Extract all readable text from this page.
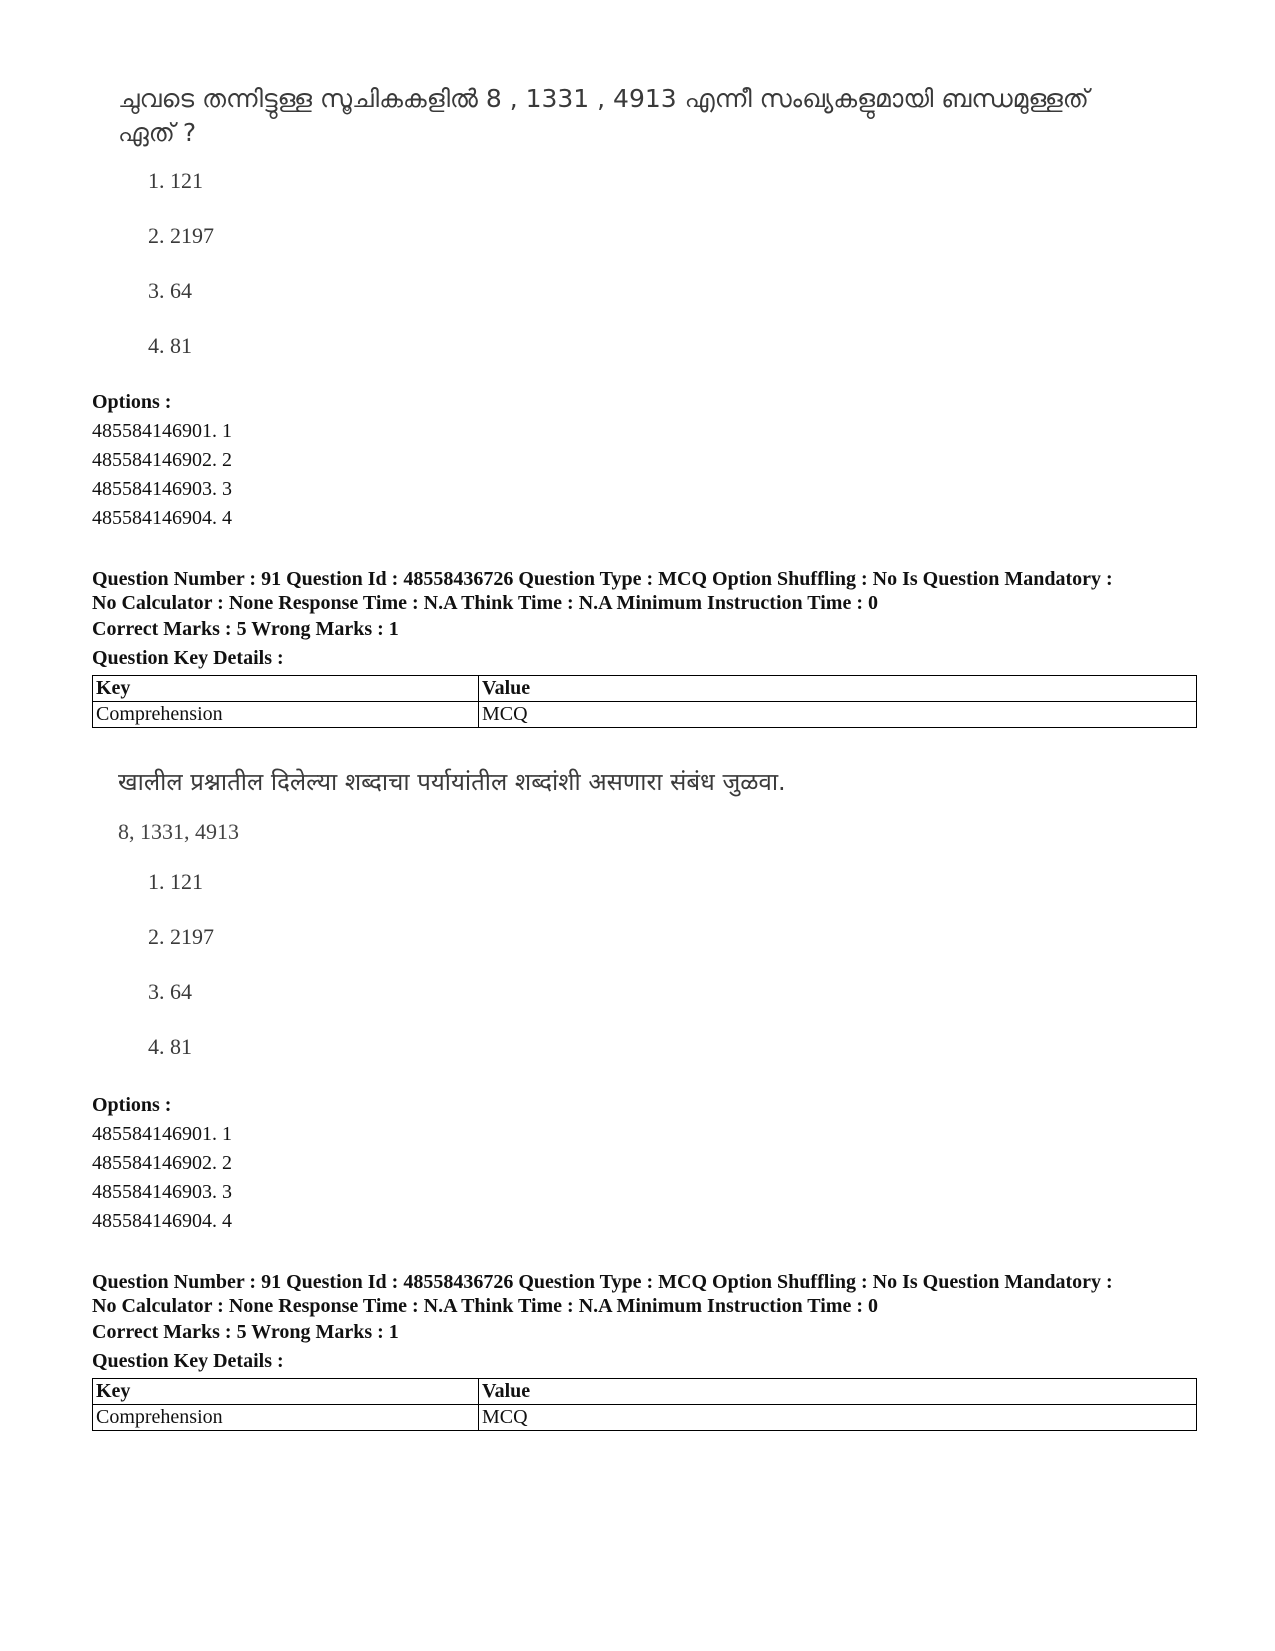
ചുവടെ തന്നിട്ടുള്ള സൂചികകളിൽ 8 , 1331 , 4913 എന്നീ സംഖ്യകളുമായി ബന്ധമുള്ളത്
ഏത് ?
1. 121
2. 2197
3. 64
4. 81
Options :
485584146901. 1
485584146902. 2
485584146903. 3
485584146904. 4
Question Number : 91 Question Id : 48558436726 Question Type : MCQ Option Shuffling : No Is Question Mandatory :
No Calculator : None Response Time : N.A Think Time : N.A Minimum Instruction Time : 0
Correct Marks : 5 Wrong Marks : 1
Question Key Details :
Key	Value
Comprehension	MCQ
खालील प्रश्नातील दिलेल्या शब्दाचा पर्यायांतील शब्दांशी असणारा संबंध जुळवा.
8, 1331, 4913
1. 121
2. 2197
3. 64
4. 81
Options :
485584146901. 1
485584146902. 2
485584146903. 3
485584146904. 4
Question Number : 91 Question Id : 48558436726 Question Type : MCQ Option Shuffling : No Is Question Mandatory :
No Calculator : None Response Time : N.A Think Time : N.A Minimum Instruction Time : 0
Correct Marks : 5 Wrong Marks : 1
Question Key Details :
Key	Value
Comprehension	MCQ
